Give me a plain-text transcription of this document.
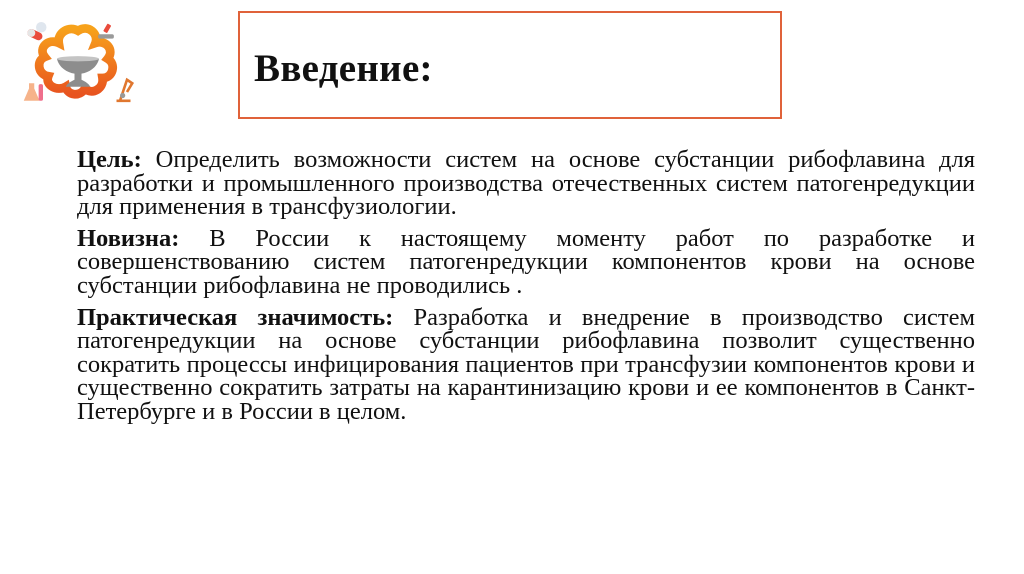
Введение:

Цель: Определить возможности систем на основе субстанции рибофлавина для разработки и промышленного производства отечественных систем патогенредукции для применения в трансфузиологии.

Новизна: В России к настоящему моменту работ по разработке и совершенствованию систем патогенредукции компонентов крови на основе субстанции рибофлавина не проводились .

Практическая значимость: Разработка и внедрение в производство систем патогенредукции на основе субстанции рибофлавина позволит существенно сократить процессы инфицирования пациентов при трансфузии компонентов крови и существенно сократить затраты на карантинизацию крови и ее компонентов в Санкт-Петербурге и в России в целом.
